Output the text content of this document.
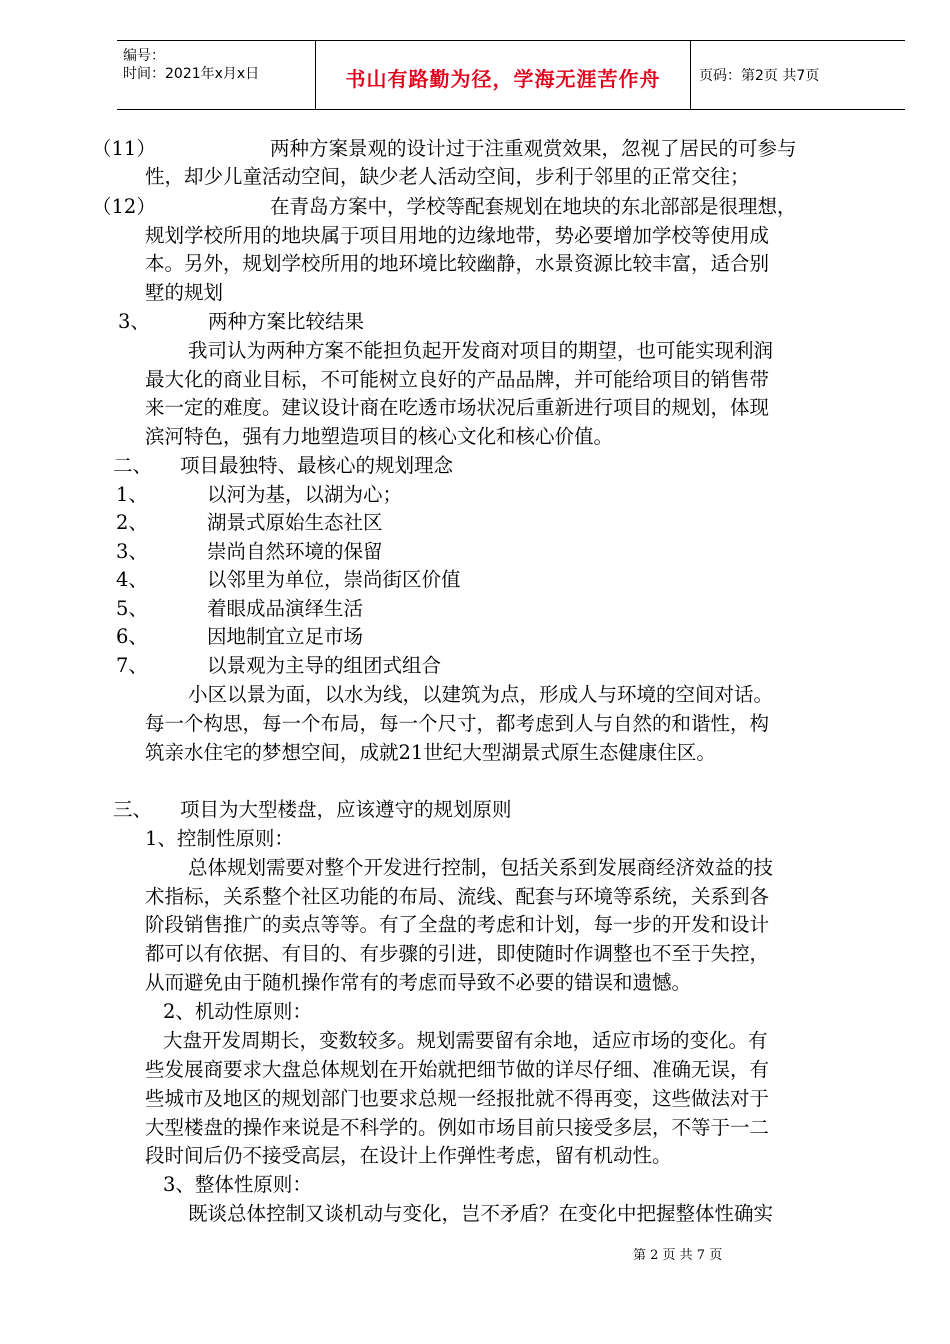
编号：
时间：2021年x月x日	书山有路勤为径，学海无涯苦作舟	页码：第2页 共7页
（11）	两种方案景观的设计过于注重观赏效果，忽视了居民的可参与
性，却少儿童活动空间，缺少老人活动空间，步利于邻里的正常交往；
（12）	在青岛方案中，学校等配套规划在地块的东北部部是很理想，
规划学校所用的地块属于项目用地的边缘地带，势必要增加学校等使用成
本。另外，规划学校所用的地环境比较幽静，水景资源比较丰富，适合别
墅的规划
3、	两种方案比较结果
我司认为两种方案不能担负起开发商对项目的期望，也可能实现利润
最大化的商业目标，不可能树立良好的产品品牌，并可能给项目的销售带
来一定的难度。建议设计商在吃透市场状况后重新进行项目的规划，体现
滨河特色，强有力地塑造项目的核心文化和核心价值。
二、 项目最独特、最核心的规划理念
1、	以河为基，以湖为心；
2、	湖景式原始生态社区
3、	崇尚自然环境的保留
4、	以邻里为单位，崇尚街区价值
5、	着眼成品演绎生活
6、	因地制宜立足市场
7、	以景观为主导的组团式组合
小区以景为面，以水为线，以建筑为点，形成人与环境的空间对话。
每一个构思，每一个布局，每一个尺寸，都考虑到人与自然的和谐性，构
筑亲水住宅的梦想空间，成就21世纪大型湖景式原生态健康住区。
三、 项目为大型楼盘，应该遵守的规划原则
1、控制性原则：
总体规划需要对整个开发进行控制，包括关系到发展商经济效益的技
术指标，关系整个社区功能的布局、流线、配套与环境等系统，关系到各
阶段销售推广的卖点等等。有了全盘的考虑和计划，每一步的开发和设计
都可以有依据、有目的、有步骤的引进，即使随时作调整也不至于失控，
从而避免由于随机操作常有的考虑而导致不必要的错误和遗憾。
2、机动性原则：
大盘开发周期长，变数较多。规划需要留有余地，适应市场的变化。有
些发展商要求大盘总体规划在开始就把细节做的详尽仔细、准确无误，有
些城市及地区的规划部门也要求总规一经报批就不得再变，这些做法对于
大型楼盘的操作来说是不科学的。例如市场目前只接受多层，不等于一二
段时间后仍不接受高层，在设计上作弹性考虑，留有机动性。
3、整体性原则：
既谈总体控制又谈机动与变化，岂不矛盾？在变化中把握整体性确实
第 2 页 共 7 页
